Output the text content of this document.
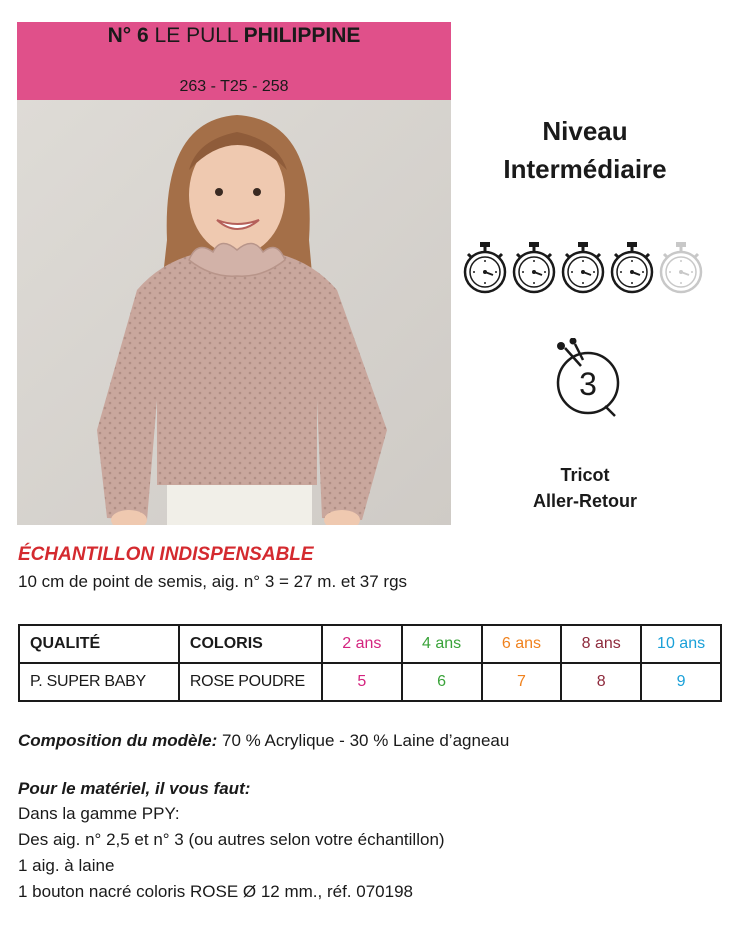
N° 6 LE PULL PHILIPPINE
263 - T25 - 258
Niveau
Intermédiaire
3
Tricot
Aller-Retour
ÉCHANTILLON INDISPENSABLE
10 cm de point de semis, aig. n° 3 = 27 m. et 37 rgs
QUALITÉ	COLORIS	2 ans	4 ans	6 ans	8 ans	10 ans
P. SUPER BABY	ROSE POUDRE	5	6	7	8	9
Composition du modèle: 70 % Acrylique - 30 % Laine d’agneau
Pour le matériel, il vous faut:
Dans la gamme PPY:
Des aig. n° 2,5 et n° 3 (ou autres selon votre échantillon)
1 aig. à laine
1 bouton nacré coloris ROSE Ø 12 mm., réf. 070198
